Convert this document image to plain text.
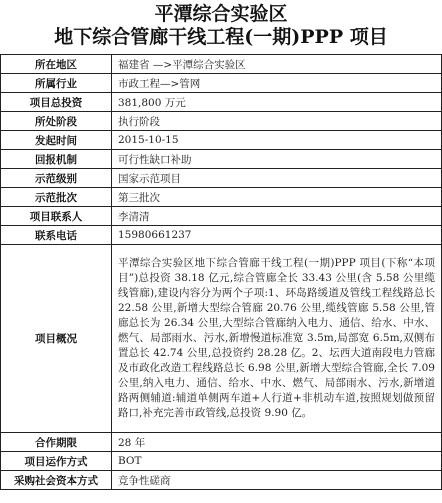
平潭综合实验区
地下综合管廊干线工程(一期)PPP 项目
所在地区	福建省 —>平潭综合实验区
所属行业	市政工程—>管网
项目总投资	381,800 万元
所处阶段	执行阶段
发起时间	2015-10-15
回报机制	可行性缺口补助
示范级别	国家示范项目
示范批次	第三批次
项目联系人	李清清
联系电话	15980661237
项目概况	平潭综合实验区地下综合管廊干线工程(一期)PPP 项目(下称“本项目”)总投资 38.18 亿元,综合管廊全长 33.43 公里(含 5.58 公里缆线管廊),建设内容分为两个子项:1、环岛路缓道及管线工程线路总长 22.58 公里,新增大型综合管廊 20.76 公里,缆线管廊 5.58 公里,管廊总长为 26.34 公里,大型综合管廊纳入电力、通信、给水、中水、燃气、局部雨水、污水,新增慢道标准宽 3.5m,局部宽 6.5m,双侧布置总长 42.74 公里,总投资约 28.28 亿。2、坛西大道南段电力管廊及市政化改造工程线路总长 6.98 公里,新增大型综合管廊,全长 7.09 公里,纳入电力、通信、给水、中水、燃气、局部雨水、污水,新增道路两侧辅道:辅道单侧两车道+人行道+非机动车道,按照规划做预留路口,补充完善市政管线,总投资 9.90 亿。
合作期限	28 年
项目运作方式	BOT
采购社会资本方式	竞争性磋商
